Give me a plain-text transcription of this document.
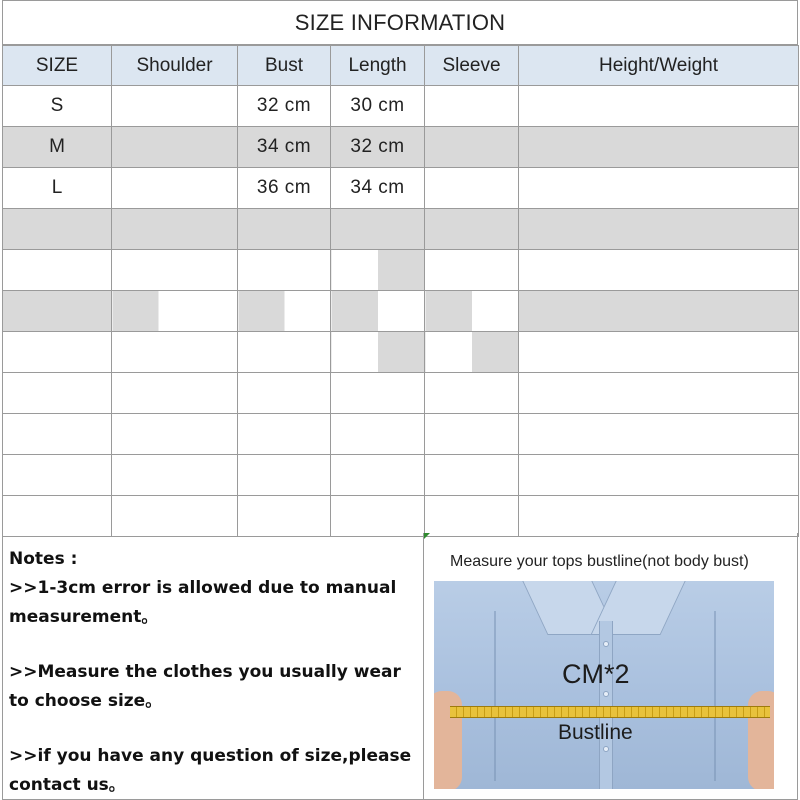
SIZE INFORMATION
SIZE	Shoulder	Bust	Length	Sleeve	Height/Weight
S		32 cm	30 cm		
M		34 cm	32 cm		
L		36 cm	34 cm		

Notes :
>>1-3cm error is allowed due to manual measurement。
>>Measure the clothes you usually wear to choose size。
>>if you have any question of size,please contact us。
Measure your tops bustline(not body bust)
CM*2
Bustline
